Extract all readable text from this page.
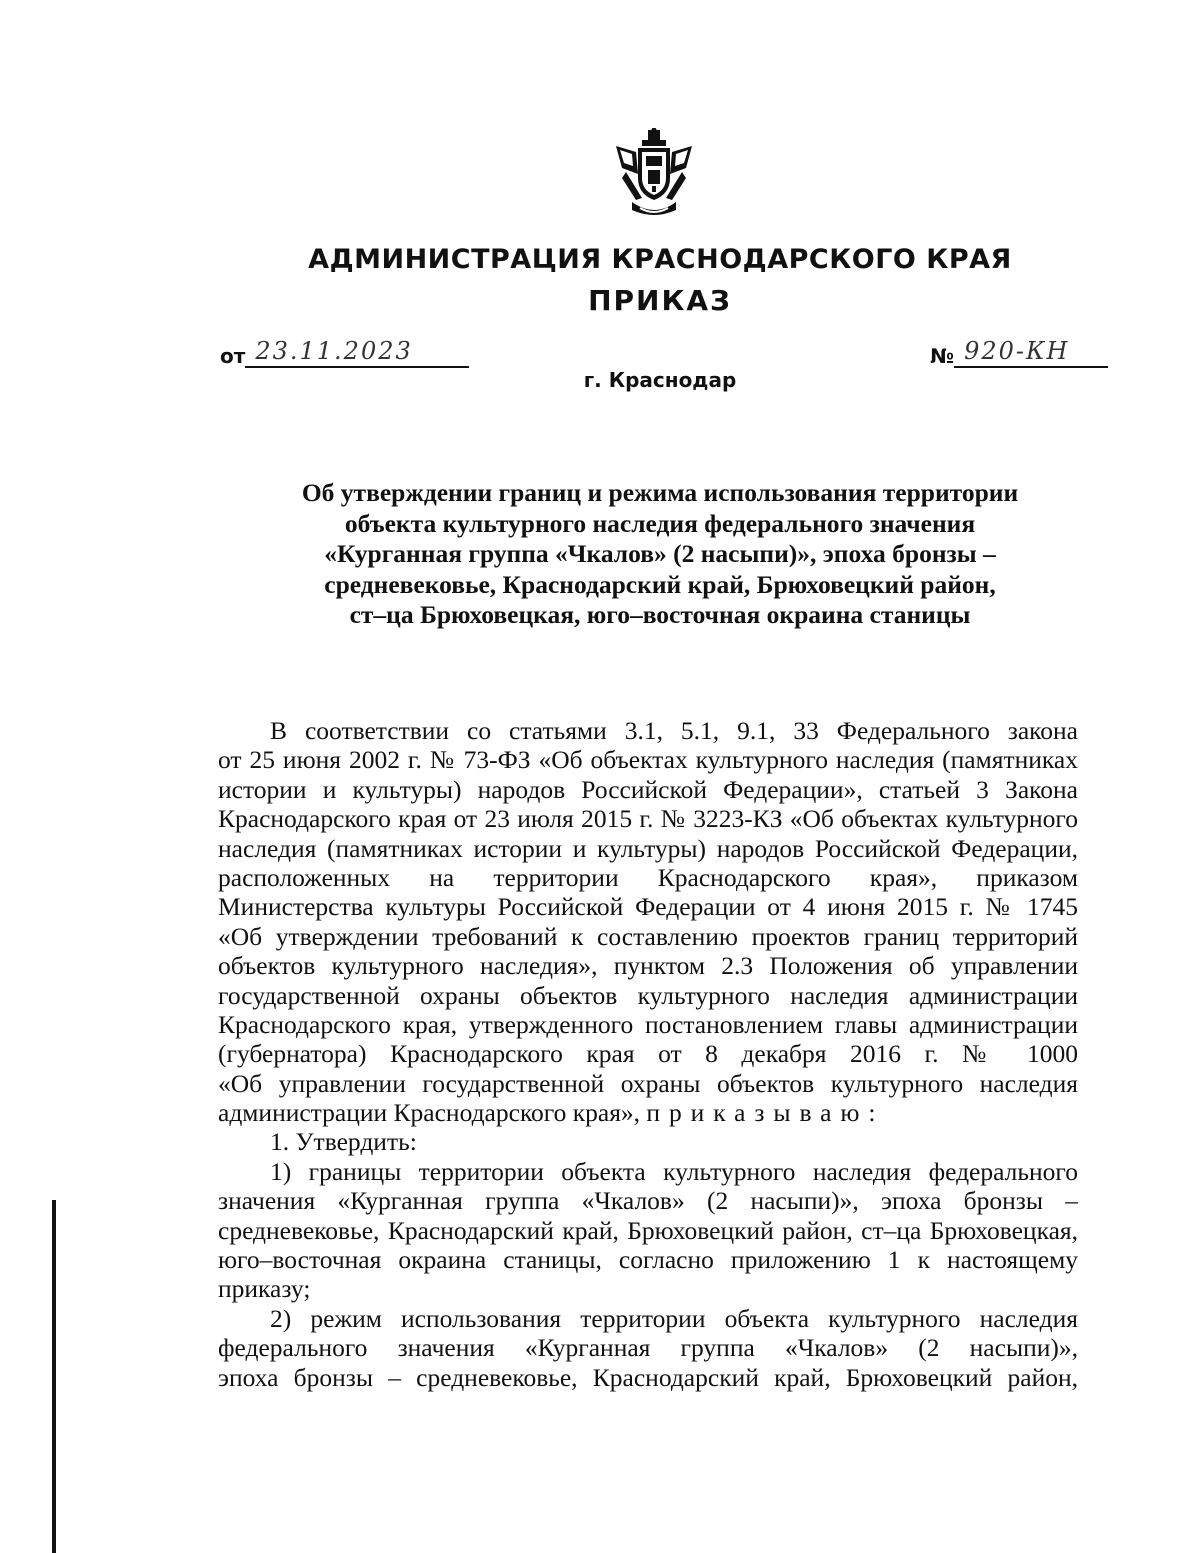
АДМИНИСТРАЦИЯ КРАСНОДАРСКОГО КРАЯ
ПРИКАЗ
от 23.11.2023	№ 920-КН
г. Краснодар
Об утверждении границ и режима использования территории
объекта культурного наследия федерального значения
«Курганная группа «Чкалов» (2 насыпи)», эпоха бронзы –
средневековье, Краснодарский край, Брюховецкий район,
ст–ца Брюховецкая, юго–восточная окраина станицы
В соответствии со статьями 3.1, 5.1, 9.1, 33 Федерального закона
от 25 июня 2002 г. № 73-ФЗ «Об объектах культурного наследия (памятниках
истории и культуры) народов Российской Федерации», статьей 3 Закона
Краснодарского края от 23 июля 2015 г. № 3223-КЗ «Об объектах культурного
наследия (памятниках истории и культуры) народов Российской Федерации,
расположенных на территории Краснодарского края», приказом
Министерства культуры Российской Федерации от 4 июня 2015 г. № 1745
«Об утверждении требований к составлению проектов границ территорий
объектов культурного наследия», пунктом 2.3 Положения об управлении
государственной охраны объектов культурного наследия администрации
Краснодарского края, утвержденного постановлением главы администрации
(губернатора) Краснодарского края от 8 декабря 2016 г. № 1000
«Об управлении государственной охраны объектов культурного наследия
администрации Краснодарского края», приказываю:
1. Утвердить:
1) границы территории объекта культурного наследия федерального
значения «Курганная группа «Чкалов» (2 насыпи)», эпоха бронзы –
средневековье, Краснодарский край, Брюховецкий район, ст–ца Брюховецкая,
юго–восточная окраина станицы, согласно приложению 1 к настоящему
приказу;
2) режим использования территории объекта культурного наследия
федерального значения «Курганная группа «Чкалов» (2 насыпи)»,
эпоха бронзы – средневековье, Краснодарский край, Брюховецкий район,
